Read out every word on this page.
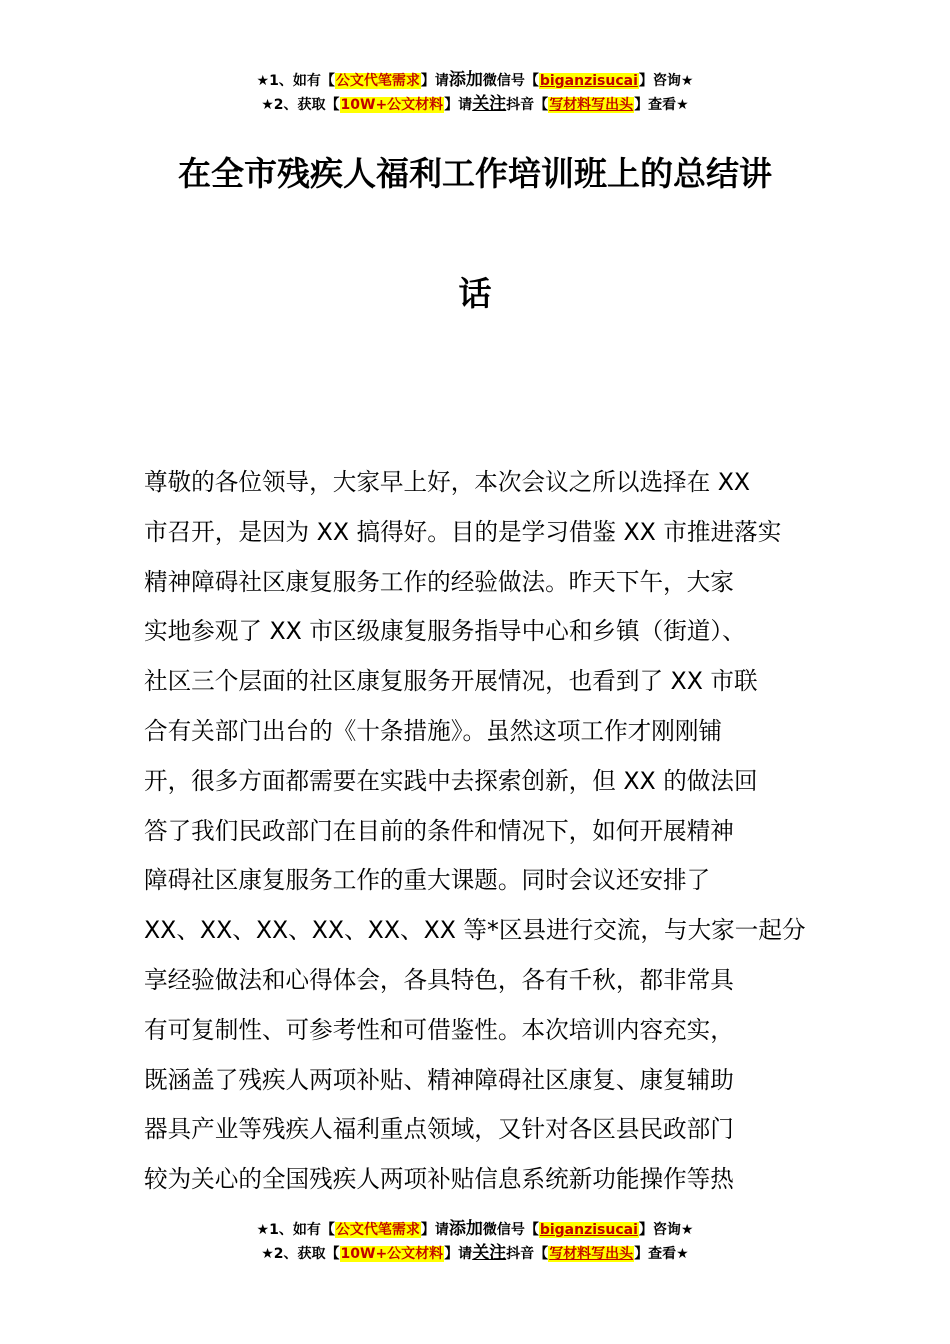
★1、如有【公文代笔需求】请添加微信号【biganzisucai】咨询★
★2、获取【10W+公文材料】请关注抖音【写材料写出头】查看★
在全市残疾人福利工作培训班上的总结讲
话
尊敬的各位领导，大家早上好，本次会议之所以选择在 XX
市召开，是因为 XX 搞得好。目的是学习借鉴 XX 市推进落实
精神障碍社区康复服务工作的经验做法。昨天下午，大家
实地参观了 XX 市区级康复服务指导中心和乡镇（街道）、
社区三个层面的社区康复服务开展情况，也看到了 XX 市联
合有关部门出台的《十条措施》。虽然这项工作才刚刚铺
开，很多方面都需要在实践中去探索创新，但 XX 的做法回
答了我们民政部门在目前的条件和情况下，如何开展精神
障碍社区康复服务工作的重大课题。同时会议还安排了
XX、XX、XX、XX、XX、XX 等*区县进行交流，与大家一起分
享经验做法和心得体会，各具特色，各有千秋，都非常具
有可复制性、可参考性和可借鉴性。本次培训内容充实，
既涵盖了残疾人两项补贴、精神障碍社区康复、康复辅助
器具产业等残疾人福利重点领域，又针对各区县民政部门
较为关心的全国残疾人两项补贴信息系统新功能操作等热
★1、如有【公文代笔需求】请添加微信号【biganzisucai】咨询★
★2、获取【10W+公文材料】请关注抖音【写材料写出头】查看★
